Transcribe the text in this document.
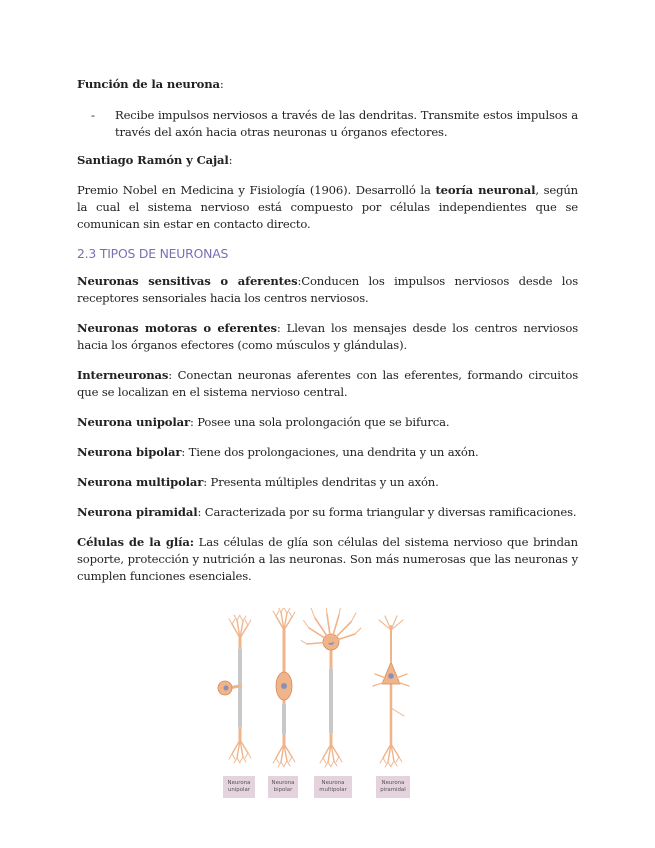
Función de la neurona:

- Recibe impulsos nerviosos a través de las dendritas. Transmite estos impulsos a través del axón hacia otras neuronas u órganos efectores.

Santiago Ramón y Cajal:

Premio Nobel en Medicina y Fisiología (1906). Desarrolló la teoría neuronal, según la cual el sistema nervioso está compuesto por células independientes que se comunican sin estar en contacto directo.

2.3 TIPOS DE NEURONAS

Neuronas sensitivas o aferentes:Conducen los impulsos nerviosos desde los receptores sensoriales hacia los centros nerviosos.

Neuronas motoras o eferentes: Llevan los mensajes desde los centros nerviosos hacia los órganos efectores (como músculos y glándulas).

Interneuronas: Conectan neuronas aferentes con las eferentes, formando circuitos que se localizan en el sistema nervioso central.

Neurona unipolar: Posee una sola prolongación que se bifurca.

Neurona bipolar: Tiene dos prolongaciones, una dendrita y un axón.

Neurona multipolar: Presenta múltiples dendritas y un axón.

Neurona piramidal: Caracterizada por su forma triangular y diversas ramificaciones.

Células de la glía: Las células de glía son células del sistema nervioso que brindan soporte, protección y nutrición a las neuronas. Son más numerosas que las neuronas y cumplen funciones esenciales.

Neurona
unipolar
Neurona
bipolar
Neurona
multipolar
Neurona
piramidal
